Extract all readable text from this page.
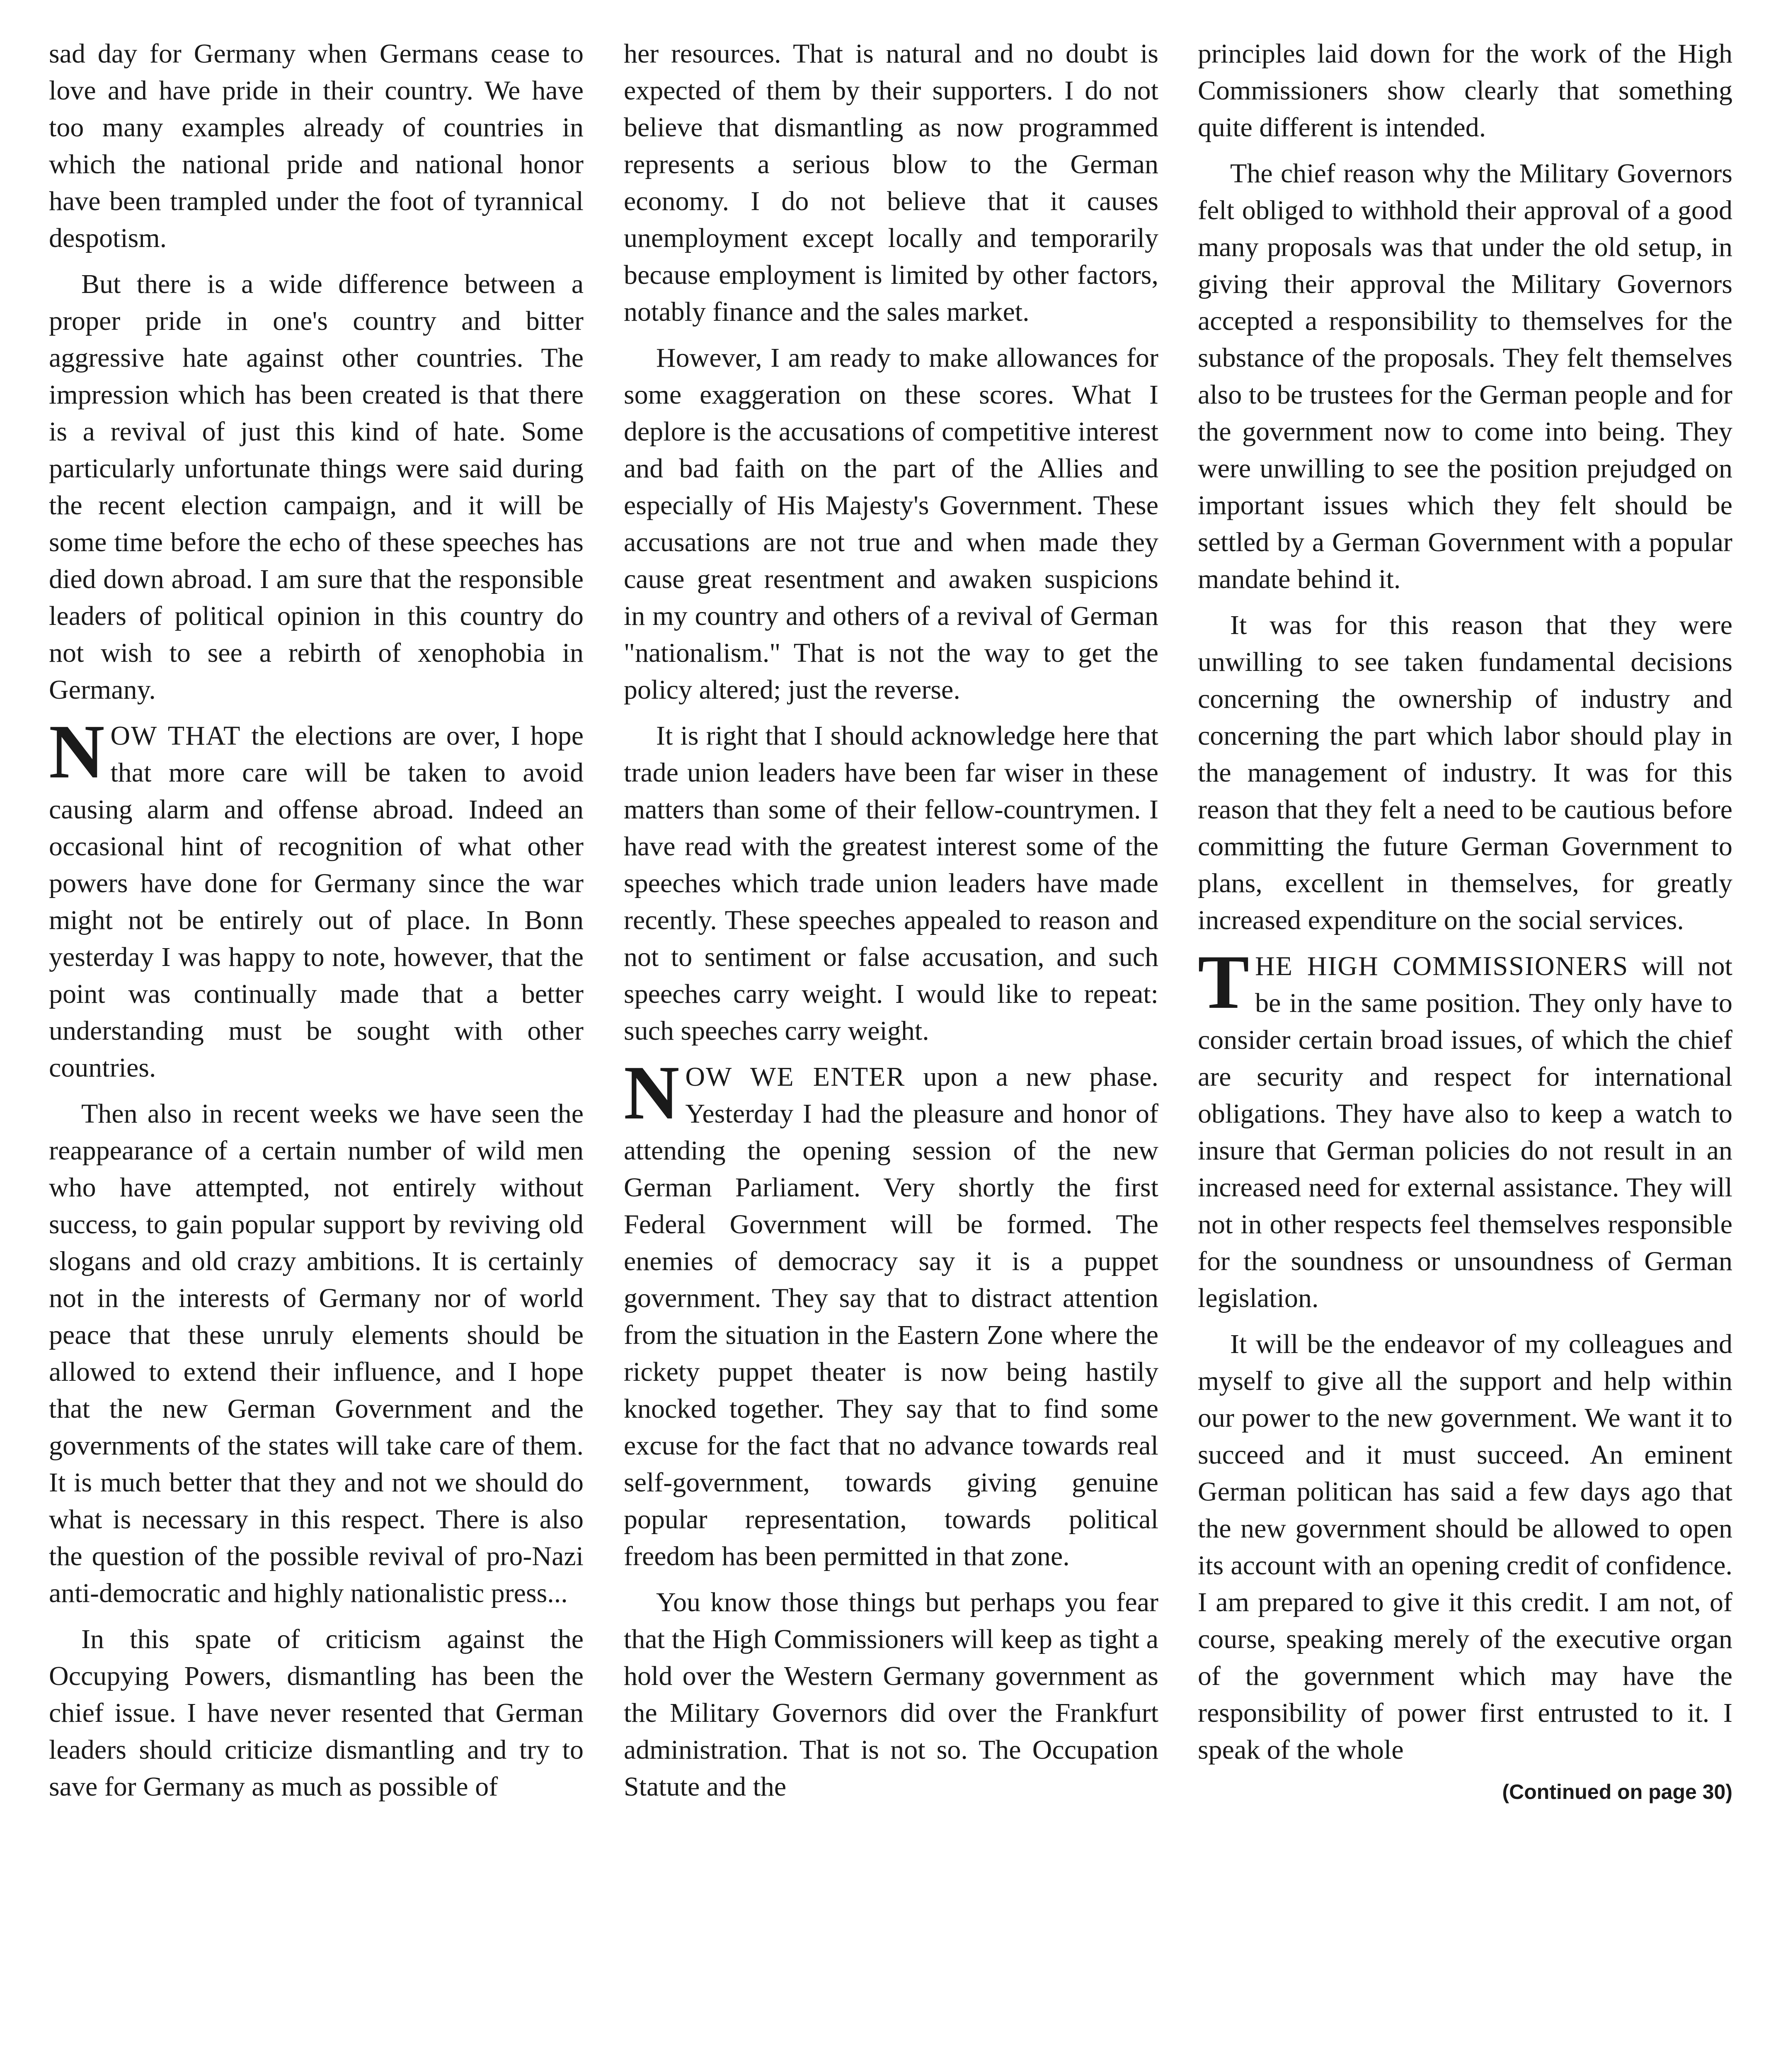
sad day for Germany when Germans cease to love and have pride in their country. We have too many examples already of countries in which the national pride and national honor have been trampled under the foot of tyrannical despotism.

But there is a wide difference between a proper pride in one's country and bitter aggressive hate against other countries. The impression which has been created is that there is a revival of just this kind of hate. Some particularly unfortunate things were said during the recent election campaign, and it will be some time before the echo of these speeches has died down abroad. I am sure that the responsible leaders of political opinion in this country do not wish to see a rebirth of xenophobia in Germany.

NOW THAT the elections are over, I hope that more care will be taken to avoid causing alarm and offense abroad. Indeed an occasional hint of recognition of what other powers have done for Germany since the war might not be entirely out of place. In Bonn yesterday I was happy to note, however, that the point was continually made that a better understanding must be sought with other countries.

Then also in recent weeks we have seen the reappearance of a certain number of wild men who have attempted, not entirely without success, to gain popular support by reviving old slogans and old crazy ambitions. It is certainly not in the interests of Germany nor of world peace that these unruly elements should be allowed to extend their influence, and I hope that the new German Government and the governments of the states will take care of them. It is much better that they and not we should do what is necessary in this respect. There is also the question of the possible revival of pro-Nazi anti-democratic and highly nationalistic press...

In this spate of criticism against the Occupying Powers, dismantling has been the chief issue. I have never resented that German leaders should criticize dismantling and try to save for Germany as much as possible of

her resources. That is natural and no doubt is expected of them by their supporters. I do not believe that dismantling as now programmed represents a serious blow to the German economy. I do not believe that it causes unemployment except locally and temporarily because employment is limited by other factors, notably finance and the sales market.

However, I am ready to make allowances for some exaggeration on these scores. What I deplore is the accusations of competitive interest and bad faith on the part of the Allies and especially of His Majesty's Government. These accusations are not true and when made they cause great resentment and awaken suspicions in my country and others of a revival of German "nationalism." That is not the way to get the policy altered; just the reverse.

It is right that I should acknowledge here that trade union leaders have been far wiser in these matters than some of their fellow-countrymen. I have read with the greatest interest some of the speeches which trade union leaders have made recently. These speeches appealed to reason and not to sentiment or false accusation, and such speeches carry weight. I would like to repeat: such speeches carry weight.

NOW WE ENTER upon a new phase. Yesterday I had the pleasure and honor of attending the opening session of the new German Parliament. Very shortly the first Federal Government will be formed. The enemies of democracy say it is a puppet government. They say that to distract attention from the situation in the Eastern Zone where the rickety puppet theater is now being hastily knocked together. They say that to find some excuse for the fact that no advance towards real self-government, towards giving genuine popular representation, towards political freedom has been permitted in that zone.

You know those things but perhaps you fear that the High Commissioners will keep as tight a hold over the Western Germany government as the Military Governors did over the Frankfurt administration. That is not so. The Occupation Statute and the

principles laid down for the work of the High Commissioners show clearly that something quite different is intended.

The chief reason why the Military Governors felt obliged to withhold their approval of a good many proposals was that under the old setup, in giving their approval the Military Governors accepted a responsibility to themselves for the substance of the proposals. They felt themselves also to be trustees for the German people and for the government now to come into being. They were unwilling to see the position prejudged on important issues which they felt should be settled by a German Government with a popular mandate behind it.

It was for this reason that they were unwilling to see taken fundamental decisions concerning the ownership of industry and concerning the part which labor should play in the management of industry. It was for this reason that they felt a need to be cautious before committing the future German Government to plans, excellent in themselves, for greatly increased expenditure on the social services.

THE HIGH COMMISSIONERS will not be in the same position. They only have to consider certain broad issues, of which the chief are security and respect for international obligations. They have also to keep a watch to insure that German policies do not result in an increased need for external assistance. They will not in other respects feel themselves responsible for the soundness or unsoundness of German legislation.

It will be the endeavor of my colleagues and myself to give all the support and help within our power to the new government. We want it to succeed and it must succeed. An eminent German politican has said a few days ago that the new government should be allowed to open its account with an opening credit of confidence. I am prepared to give it this credit. I am not, of course, speaking merely of the executive organ of the government which may have the responsibility of power first entrusted to it. I speak of the whole

(Continued on page 30)
